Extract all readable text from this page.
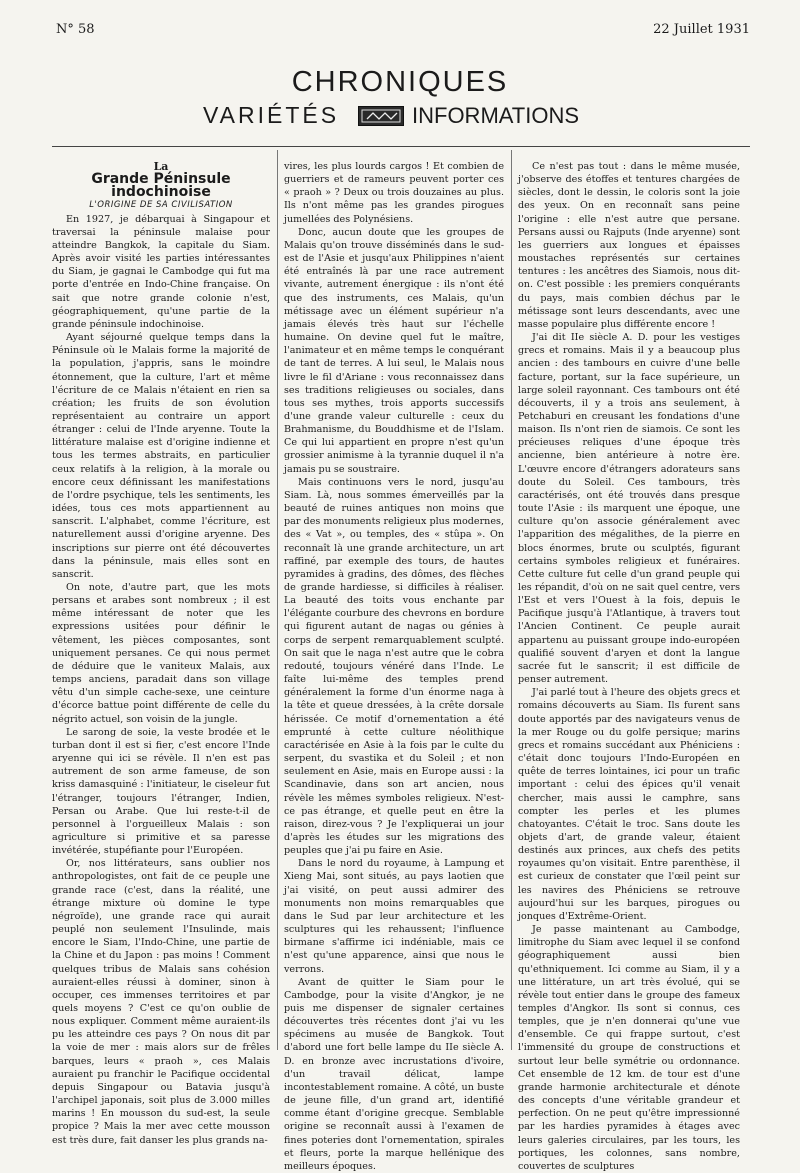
N° 58	22 Juillet 1931
CHRONIQUES
VARIÉTÉS	INFORMATIONS

La

Grande Péninsule indochinoise

L'ORIGINE DE SA CIVILISATION

En 1927, je débarquai à Singapour et traversai la péninsule malaise pour atteindre Bangkok, la capitale du Siam. Après avoir visité les parties intéressantes du Siam, je gagnai le Cambodge qui fut ma porte d'entrée en Indo-Chine française. On sait que notre grande colonie n'est, géographiquement, qu'une partie de la grande péninsule indochinoise.

Ayant séjourné quelque temps dans la Péninsule où le Malais forme la majorité de la population, j'appris, sans le moindre étonnement, que la culture, l'art et même l'écriture de ce Malais n'étaient en rien sa création; les fruits de son évolution représentaient au contraire un apport étranger : celui de l'Inde aryenne. Toute la littérature malaise est d'origine indienne et tous les termes abstraits, en particulier ceux relatifs à la religion, à la morale ou encore ceux définissant les manifestations de l'ordre psychique, tels les sentiments, les idées, tous ces mots appartiennent au sanscrit. L'alphabet, comme l'écriture, est naturellement aussi d'origine aryenne. Des inscriptions sur pierre ont été découvertes dans la péninsule, mais elles sont en sanscrit.

On note, d'autre part, que les mots persans et arabes sont nombreux ; il est même intéressant de noter que les expressions usitées pour définir le vêtement, les pièces composantes, sont uniquement persanes. Ce qui nous permet de déduire que le vaniteux Malais, aux temps anciens, paradait dans son village vêtu d'un simple cache-sexe, une ceinture d'écorce battue point différente de celle du négrito actuel, son voisin de la jungle.

Le sarong de soie, la veste brodée et le turban dont il est si fier, c'est encore l'Inde aryenne qui ici se révèle. Il n'en est pas autrement de son arme fameuse, de son kriss damasquiné : l'initiateur, le ciseleur fut l'étranger, toujours l'étranger, Indien, Persan ou Arabe. Que lui reste-t-il de personnel à l'orgueilleux Malais : son agriculture si primitive et sa paresse invétérée, stupéfiante pour l'Européen.

Or, nos littérateurs, sans oublier nos anthropologistes, ont fait de ce peuple une grande race (c'est, dans la réalité, une étrange mixture où domine le type négroïde), une grande race qui aurait peuplé non seulement l'Insulinde, mais encore le Siam, l'Indo-Chine, une partie de la Chine et du Japon : pas moins ! Comment quelques tribus de Malais sans cohésion auraient-elles réussi à dominer, sinon à occuper, ces immenses territoires et par quels moyens ? C'est ce qu'on oublie de nous expliquer. Comment même auraient-ils pu les atteindre ces pays ? On nous dit par la voie de mer : mais alors sur de frêles barques, leurs « praoh », ces Malais auraient pu franchir le Pacifique occidental depuis Singapour ou Batavia jusqu'à l'archipel japonais, soit plus de 3.000 milles marins ! En mousson du sud-est, la seule propice ? Mais la mer avec cette mousson est très dure, fait danser les plus grands na-

vires, les plus lourds cargos ! Et combien de guerriers et de rameurs peuvent porter ces « praoh » ? Deux ou trois douzaines au plus. Ils n'ont même pas les grandes pirogues jumellées des Polynésiens.

Donc, aucun doute que les groupes de Malais qu'on trouve disséminés dans le sud-est de l'Asie et jusqu'aux Philippines n'aient été entraînés là par une race autrement vivante, autrement énergique : ils n'ont été que des instruments, ces Malais, qu'un métissage avec un élément supérieur n'a jamais élevés très haut sur l'échelle humaine. On devine quel fut le maître, l'animateur et en même temps le conquérant de tant de terres. A lui seul, le Malais nous livre le fil d'Ariane : vous reconnaissez dans ses traditions religieuses ou sociales, dans tous ses mythes, trois apports successifs d'une grande valeur culturelle : ceux du Brahmanisme, du Bouddhisme et de l'Islam. Ce qui lui appartient en propre n'est qu'un grossier animisme à la tyrannie duquel il n'a jamais pu se soustraire.

Mais continuons vers le nord, jusqu'au Siam. Là, nous sommes émerveillés par la beauté de ruines antiques non moins que par des monuments religieux plus modernes, des « Vat », ou temples, des « stûpa ». On reconnaît là une grande architecture, un art raffiné, par exemple des tours, de hautes pyramides à gradins, des dômes, des flèches de grande hardiesse, si difficiles à réaliser. La beauté des toits vous enchante par l'élégante courbure des chevrons en bordure qui figurent autant de nagas ou génies à corps de serpent remarquablement sculpté. On sait que le naga n'est autre que le cobra redouté, toujours vénéré dans l'Inde. Le faîte lui-même des temples prend généralement la forme d'un énorme naga à la tête et queue dressées, à la crête dorsale hérissée. Ce motif d'ornementation a été emprunté à cette culture néolithique caractérisée en Asie à la fois par le culte du serpent, du svastika et du Soleil ; et non seulement en Asie, mais en Europe aussi : la Scandinavie, dans son art ancien, nous révèle les mêmes symboles religieux. N'est-ce pas étrange, et quelle peut en être la raison, direz-vous ? Je l'expliquerai un jour d'après les études sur les migrations des peuples que j'ai pu faire en Asie.

Dans le nord du royaume, à Lampung et Xieng Mai, sont situés, au pays laotien que j'ai visité, on peut aussi admirer des monuments non moins remarquables que dans le Sud par leur architecture et les sculptures qui les rehaussent; l'influence birmane s'affirme ici indéniable, mais ce n'est qu'une apparence, ainsi que nous le verrons.

Avant de quitter le Siam pour le Cambodge, pour la visite d'Angkor, je ne puis me dispenser de signaler certaines découvertes très récentes dont j'ai vu les spécimens au musée de Bangkok. Tout d'abord une fort belle lampe du IIe siècle A. D. en bronze avec incrustations d'ivoire, d'un travail délicat, lampe incontestablement romaine. A côté, un buste de jeune fille, d'un grand art, identifié comme étant d'origine grecque. Semblable origine se reconnaît aussi à l'examen de fines poteries dont l'ornementation, spirales et fleurs, porte la marque hellénique des meilleurs époques.

Ce n'est pas tout : dans le même musée, j'observe des étoffes et tentures chargées de siècles, dont le dessin, le coloris sont la joie des yeux. On en reconnaît sans peine l'origine : elle n'est autre que persane. Persans aussi ou Rajputs (Inde aryenne) sont les guerriers aux longues et épaisses moustaches représentés sur certaines tentures : les ancêtres des Siamois, nous dit-on. C'est possible : les premiers conquérants du pays, mais combien déchus par le métissage sont leurs descendants, avec une masse populaire plus différente encore !

J'ai dit IIe siècle A. D. pour les vestiges grecs et romains. Mais il y a beaucoup plus ancien : des tambours en cuivre d'une belle facture, portant, sur la face supérieure, un large soleil rayonnant. Ces tambours ont été découverts, il y a trois ans seulement, à Petchaburi en creusant les fondations d'une maison. Ils n'ont rien de siamois. Ce sont les précieuses reliques d'une époque très ancienne, bien antérieure à notre ère. L'œuvre encore d'étrangers adorateurs sans doute du Soleil. Ces tambours, très caractérisés, ont été trouvés dans presque toute l'Asie : ils marquent une époque, une culture qu'on associe généralement avec l'apparition des mégalithes, de la pierre en blocs énormes, brute ou sculptés, figurant certains symboles religieux et funéraires. Cette culture fut celle d'un grand peuple qui les répandit, d'où on ne sait quel centre, vers l'Est et vers l'Ouest à la fois, depuis le Pacifique jusqu'à l'Atlantique, à travers tout l'Ancien Continent. Ce peuple aurait appartenu au puissant groupe indo-européen qualifié souvent d'aryen et dont la langue sacrée fut le sanscrit; il est difficile de penser autrement.

J'ai parlé tout à l'heure des objets grecs et romains découverts au Siam. Ils furent sans doute apportés par des navigateurs venus de la mer Rouge ou du golfe persique; marins grecs et romains succédant aux Phéniciens : c'était donc toujours l'Indo-Européen en quête de terres lointaines, ici pour un trafic important : celui des épices qu'il venait chercher, mais aussi le camphre, sans compter les perles et les plumes chatoyantes. C'était le troc. Sans doute les objets d'art, de grande valeur, étaient destinés aux princes, aux chefs des petits royaumes qu'on visitait. Entre parenthèse, il est curieux de constater que l'œil peint sur les navires des Phéniciens se retrouve aujourd'hui sur les barques, pirogues ou jonques d'Extrême-Orient.

Je passe maintenant au Cambodge, limitrophe du Siam avec lequel il se confond géographiquement aussi bien qu'ethniquement. Ici comme au Siam, il y a une littérature, un art très évolué, qui se révèle tout entier dans le groupe des fameux temples d'Angkor. Ils sont si connus, ces temples, que je n'en donnerai qu'une vue d'ensemble. Ce qui frappe surtout, c'est l'immensité du groupe de constructions et surtout leur belle symétrie ou ordonnance. Cet ensemble de 12 km. de tour est d'une grande harmonie architecturale et dénote des concepts d'une véritable grandeur et perfection. On ne peut qu'être impressionné par les hardies pyramides à étages avec leurs galeries circulaires, par les tours, les portiques, les colonnes, sans nombre, couvertes de sculptures
